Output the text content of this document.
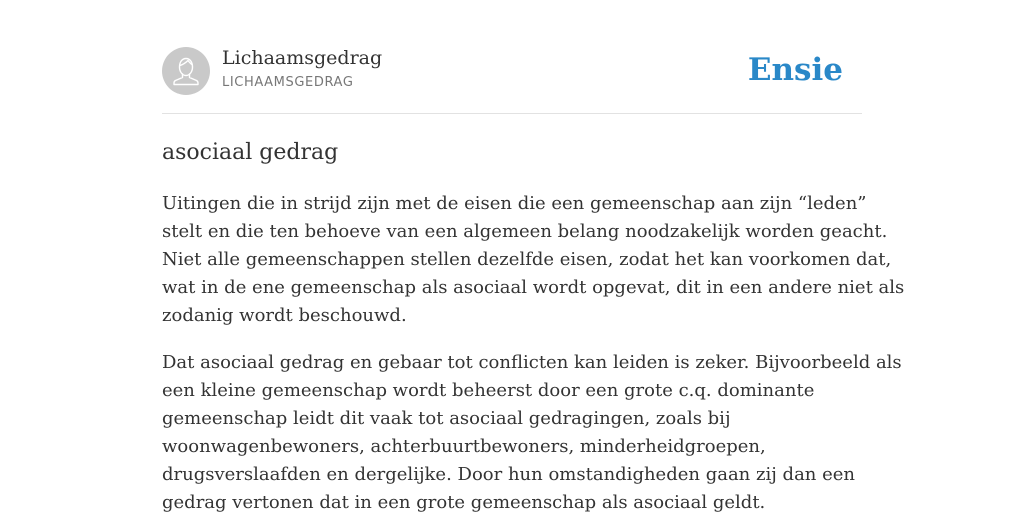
Lichaamsgedrag
LICHAAMSGEDRAG	Ensie
asociaal gedrag

Uitingen die in strijd zijn met de eisen die een gemeenschap aan zijn “leden”
stelt en die ten behoeve van een algemeen belang noodzakelijk worden geacht.
Niet alle gemeenschappen stellen dezelfde eisen, zodat het kan voorkomen dat,
wat in de ene gemeenschap als asociaal wordt opgevat, dit in een andere niet als
zodanig wordt beschouwd.

Dat asociaal gedrag en gebaar tot conflicten kan leiden is zeker. Bijvoorbeeld als
een kleine gemeenschap wordt beheerst door een grote c.q. dominante
gemeenschap leidt dit vaak tot asociaal gedragingen, zoals bij
woonwagenbewoners, achterbuurtbewoners, minderheidgroepen,
drugsverslaafden en dergelijke. Door hun omstandigheden gaan zij dan een
gedrag vertonen dat in een grote gemeenschap als asociaal geldt.
